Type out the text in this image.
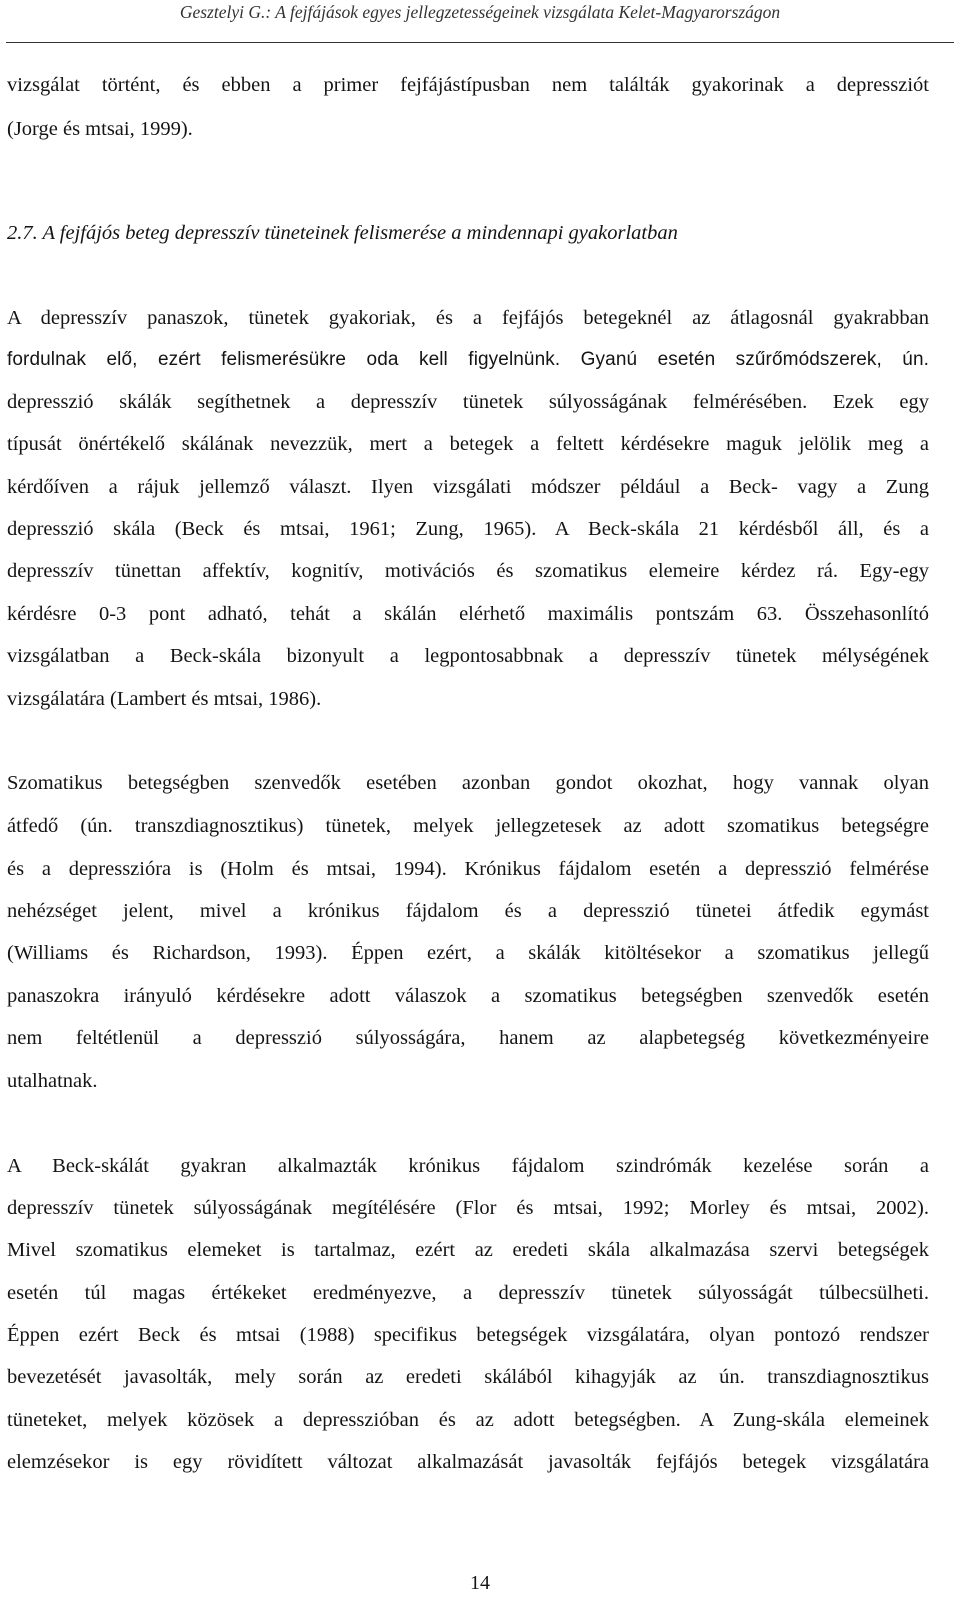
Gesztelyi G.: A fejfájások egyes jellegzetességeinek vizsgálata Kelet-Magyarországon
vizsgálat történt, és ebben a primer fejfájástípusban nem találták gyakorinak a depressziót
(Jorge és mtsai, 1999).
2.7. A fejfájós beteg depresszív tüneteinek felismerése a mindennapi gyakorlatban
A depresszív panaszok, tünetek gyakoriak, és a fejfájós betegeknél az átlagosnál gyakrabban
fordulnak elő, ezért felismerésükre oda kell figyelnünk. Gyanú esetén szűrőmódszerek, ún.
depresszió skálák segíthetnek a depresszív tünetek súlyosságának felmérésében. Ezek egy
típusát önértékelő skálának nevezzük, mert a betegek a feltett kérdésekre maguk jelölik meg a
kérdőíven a rájuk jellemző választ. Ilyen vizsgálati módszer például a Beck- vagy a Zung
depresszió skála (Beck és mtsai, 1961; Zung, 1965). A Beck-skála 21 kérdésből áll, és a
depresszív tünettan affektív, kognitív, motivációs és szomatikus elemeire kérdez rá. Egy-egy
kérdésre 0-3 pont adható, tehát a skálán elérhető maximális pontszám 63. Összehasonlító
vizsgálatban a Beck-skála bizonyult a legpontosabbnak a depresszív tünetek mélységének
vizsgálatára (Lambert és mtsai, 1986).
Szomatikus betegségben szenvedők esetében azonban gondot okozhat, hogy vannak olyan
átfedő (ún. transzdiagnosztikus) tünetek, melyek jellegzetesek az adott szomatikus betegségre
és a depresszióra is (Holm és mtsai, 1994). Krónikus fájdalom esetén a depresszió felmérése
nehézséget jelent, mivel a krónikus fájdalom és a depresszió tünetei átfedik egymást
(Williams és Richardson, 1993). Éppen ezért, a skálák kitöltésekor a szomatikus jellegű
panaszokra irányuló kérdésekre adott válaszok a szomatikus betegségben szenvedők esetén
nem feltétlenül a depresszió súlyosságára, hanem az alapbetegség következményeire
utalhatnak.
A Beck-skálát gyakran alkalmazták krónikus fájdalom szindrómák kezelése során a
depresszív tünetek súlyosságának megítélésére (Flor és mtsai, 1992; Morley és mtsai, 2002).
Mivel szomatikus elemeket is tartalmaz, ezért az eredeti skála alkalmazása szervi betegségek
esetén túl magas értékeket eredményezve, a depresszív tünetek súlyosságát túlbecsülheti.
Éppen ezért Beck és mtsai (1988) specifikus betegségek vizsgálatára, olyan pontozó rendszer
bevezetését javasolták, mely során az eredeti skálából kihagyják az ún. transzdiagnosztikus
tüneteket, melyek közösek a depresszióban és az adott betegségben. A Zung-skála elemeinek
elemzésekor is egy rövidített változat alkalmazását javasolták fejfájós betegek vizsgálatára
14
